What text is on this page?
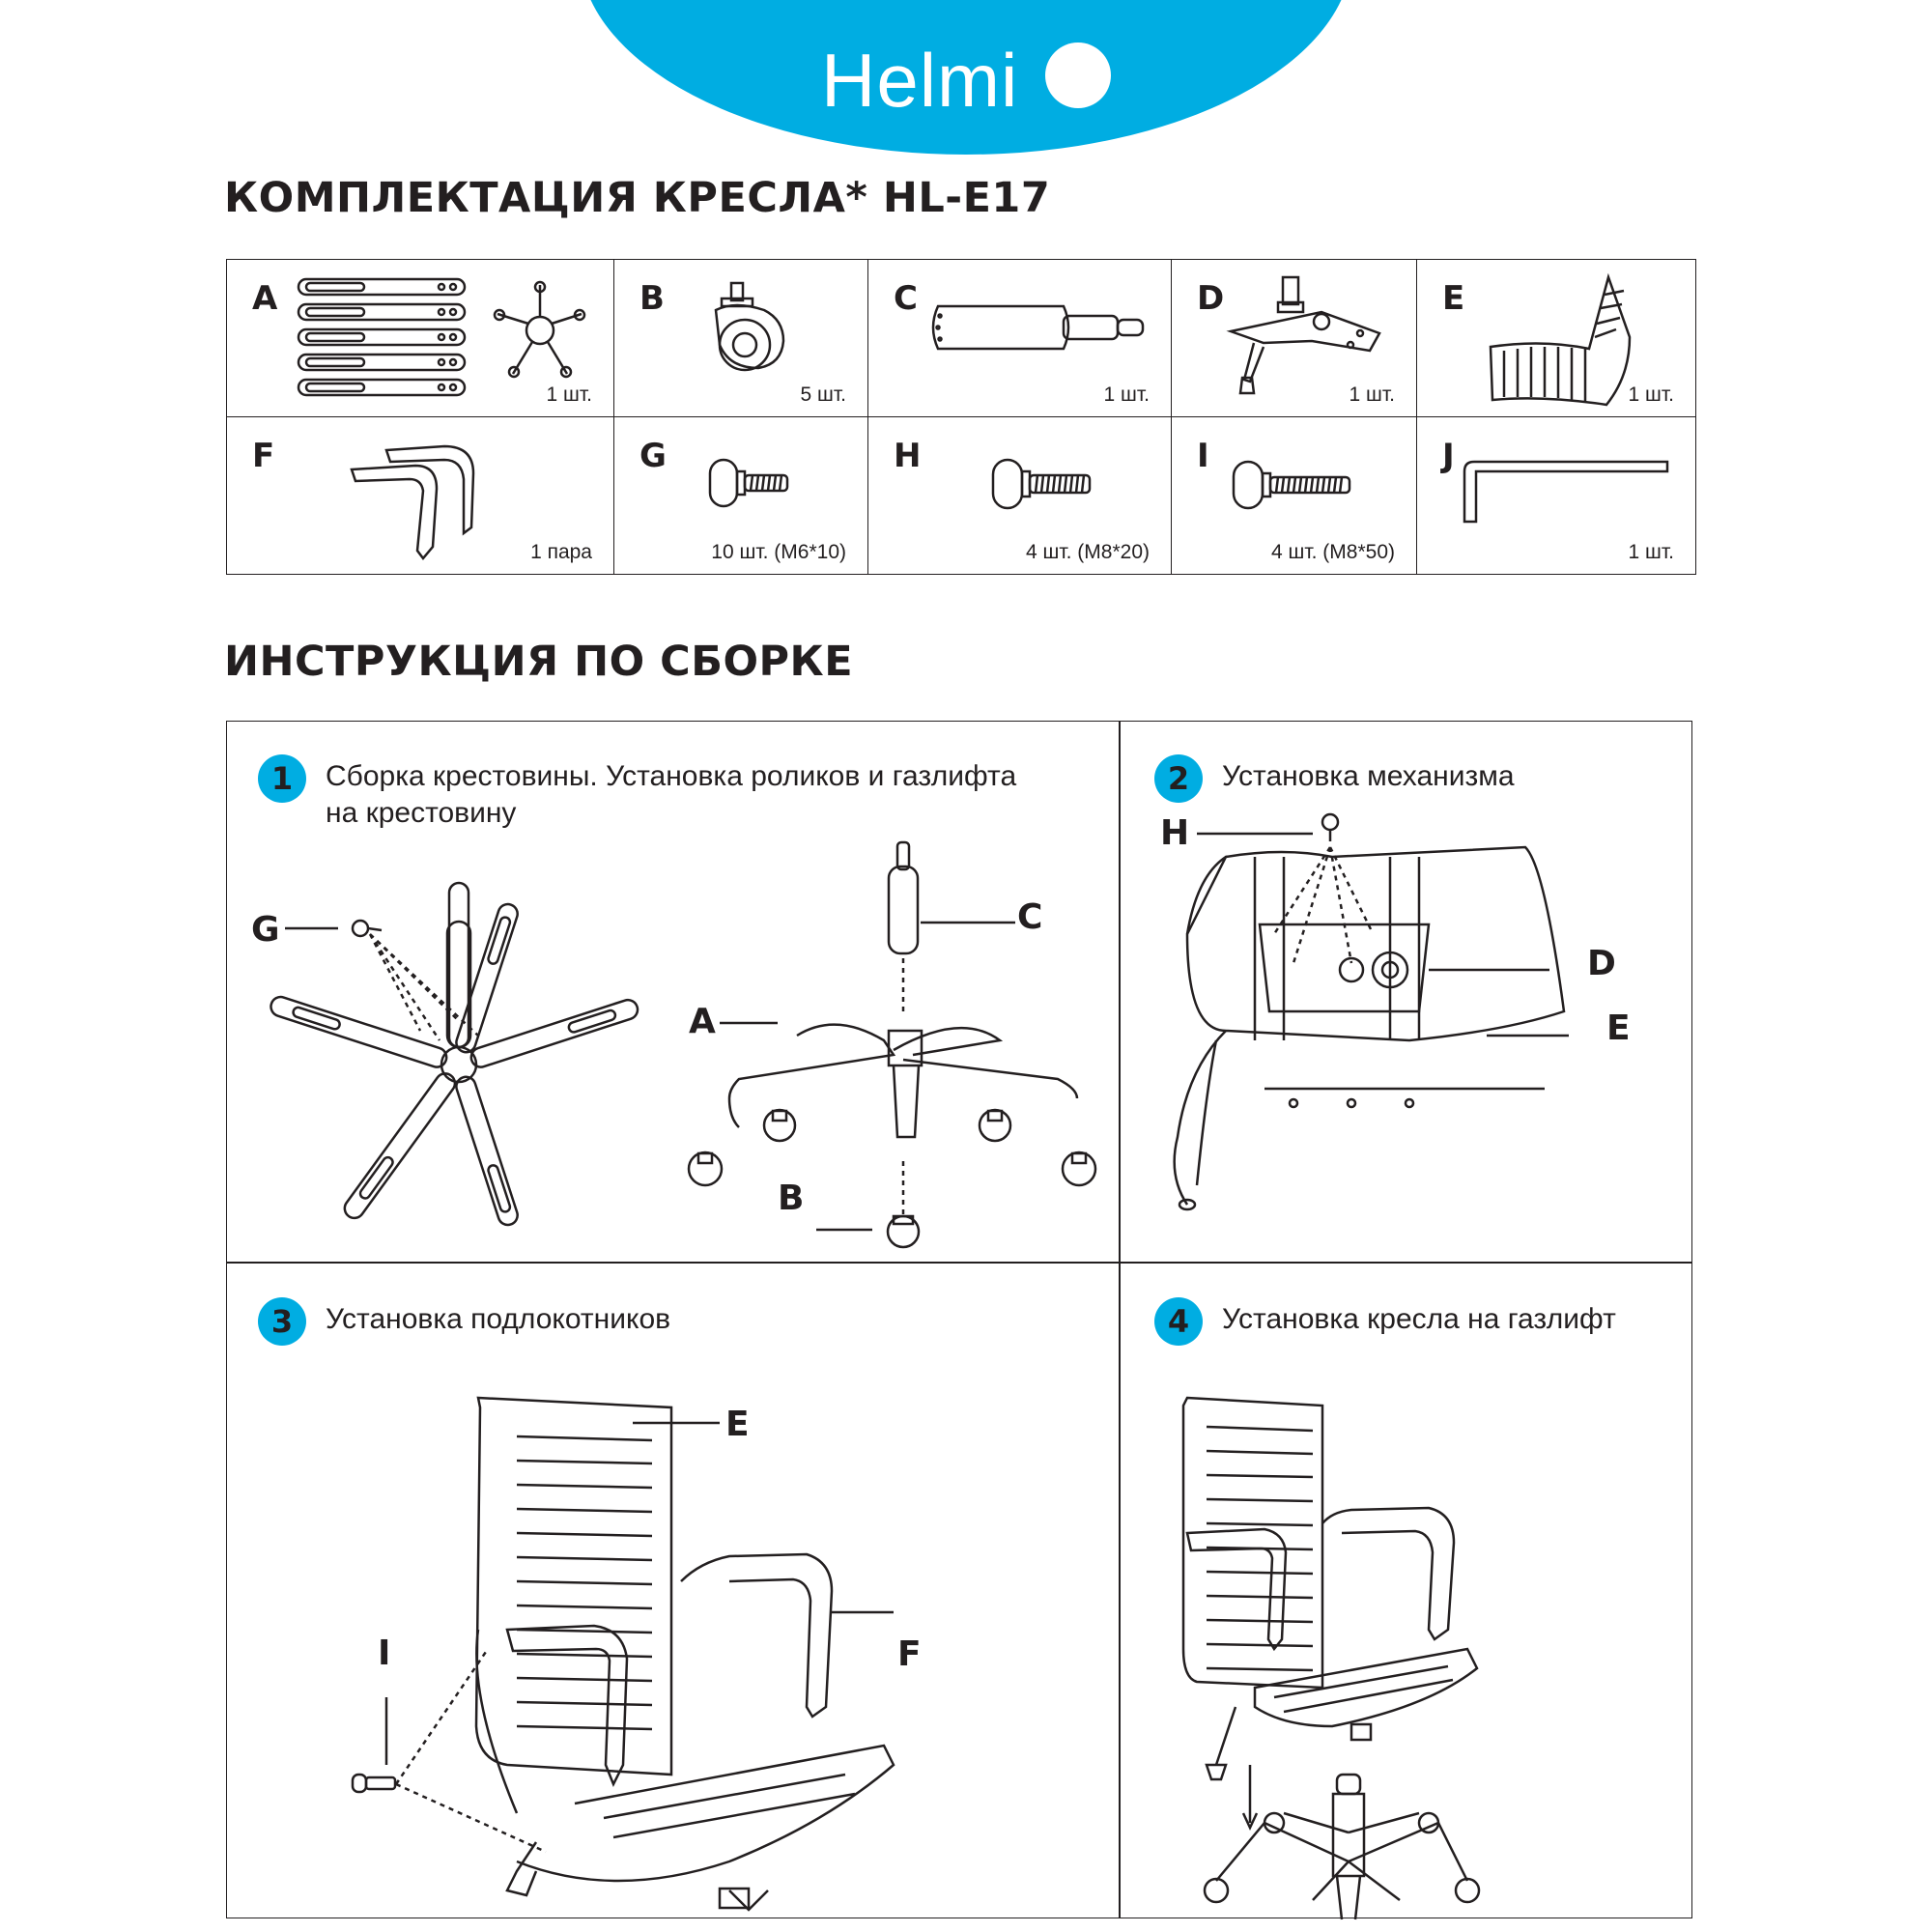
Helmi
КОМПЛЕКТАЦИЯ КРЕСЛА* HL-E17
A
1 шт.	B
5 шт.	C
1 шт.	D
1 шт.	E
1 шт.

F
1 пара	G
10 шт. (М6*10)	H
4 шт. (М8*20)	I
4 шт. (М8*50)	J
1 шт.
ИНСТРУКЦИЯ ПО СБОРКЕ
1	Сборка крестовины. Установка роликов и газлифта
на крестовину
G
A
C
B
2	Установка механизма
H
D
E
3	Установка подлокотников
E
I	F
4	Установка кресла на газлифт
